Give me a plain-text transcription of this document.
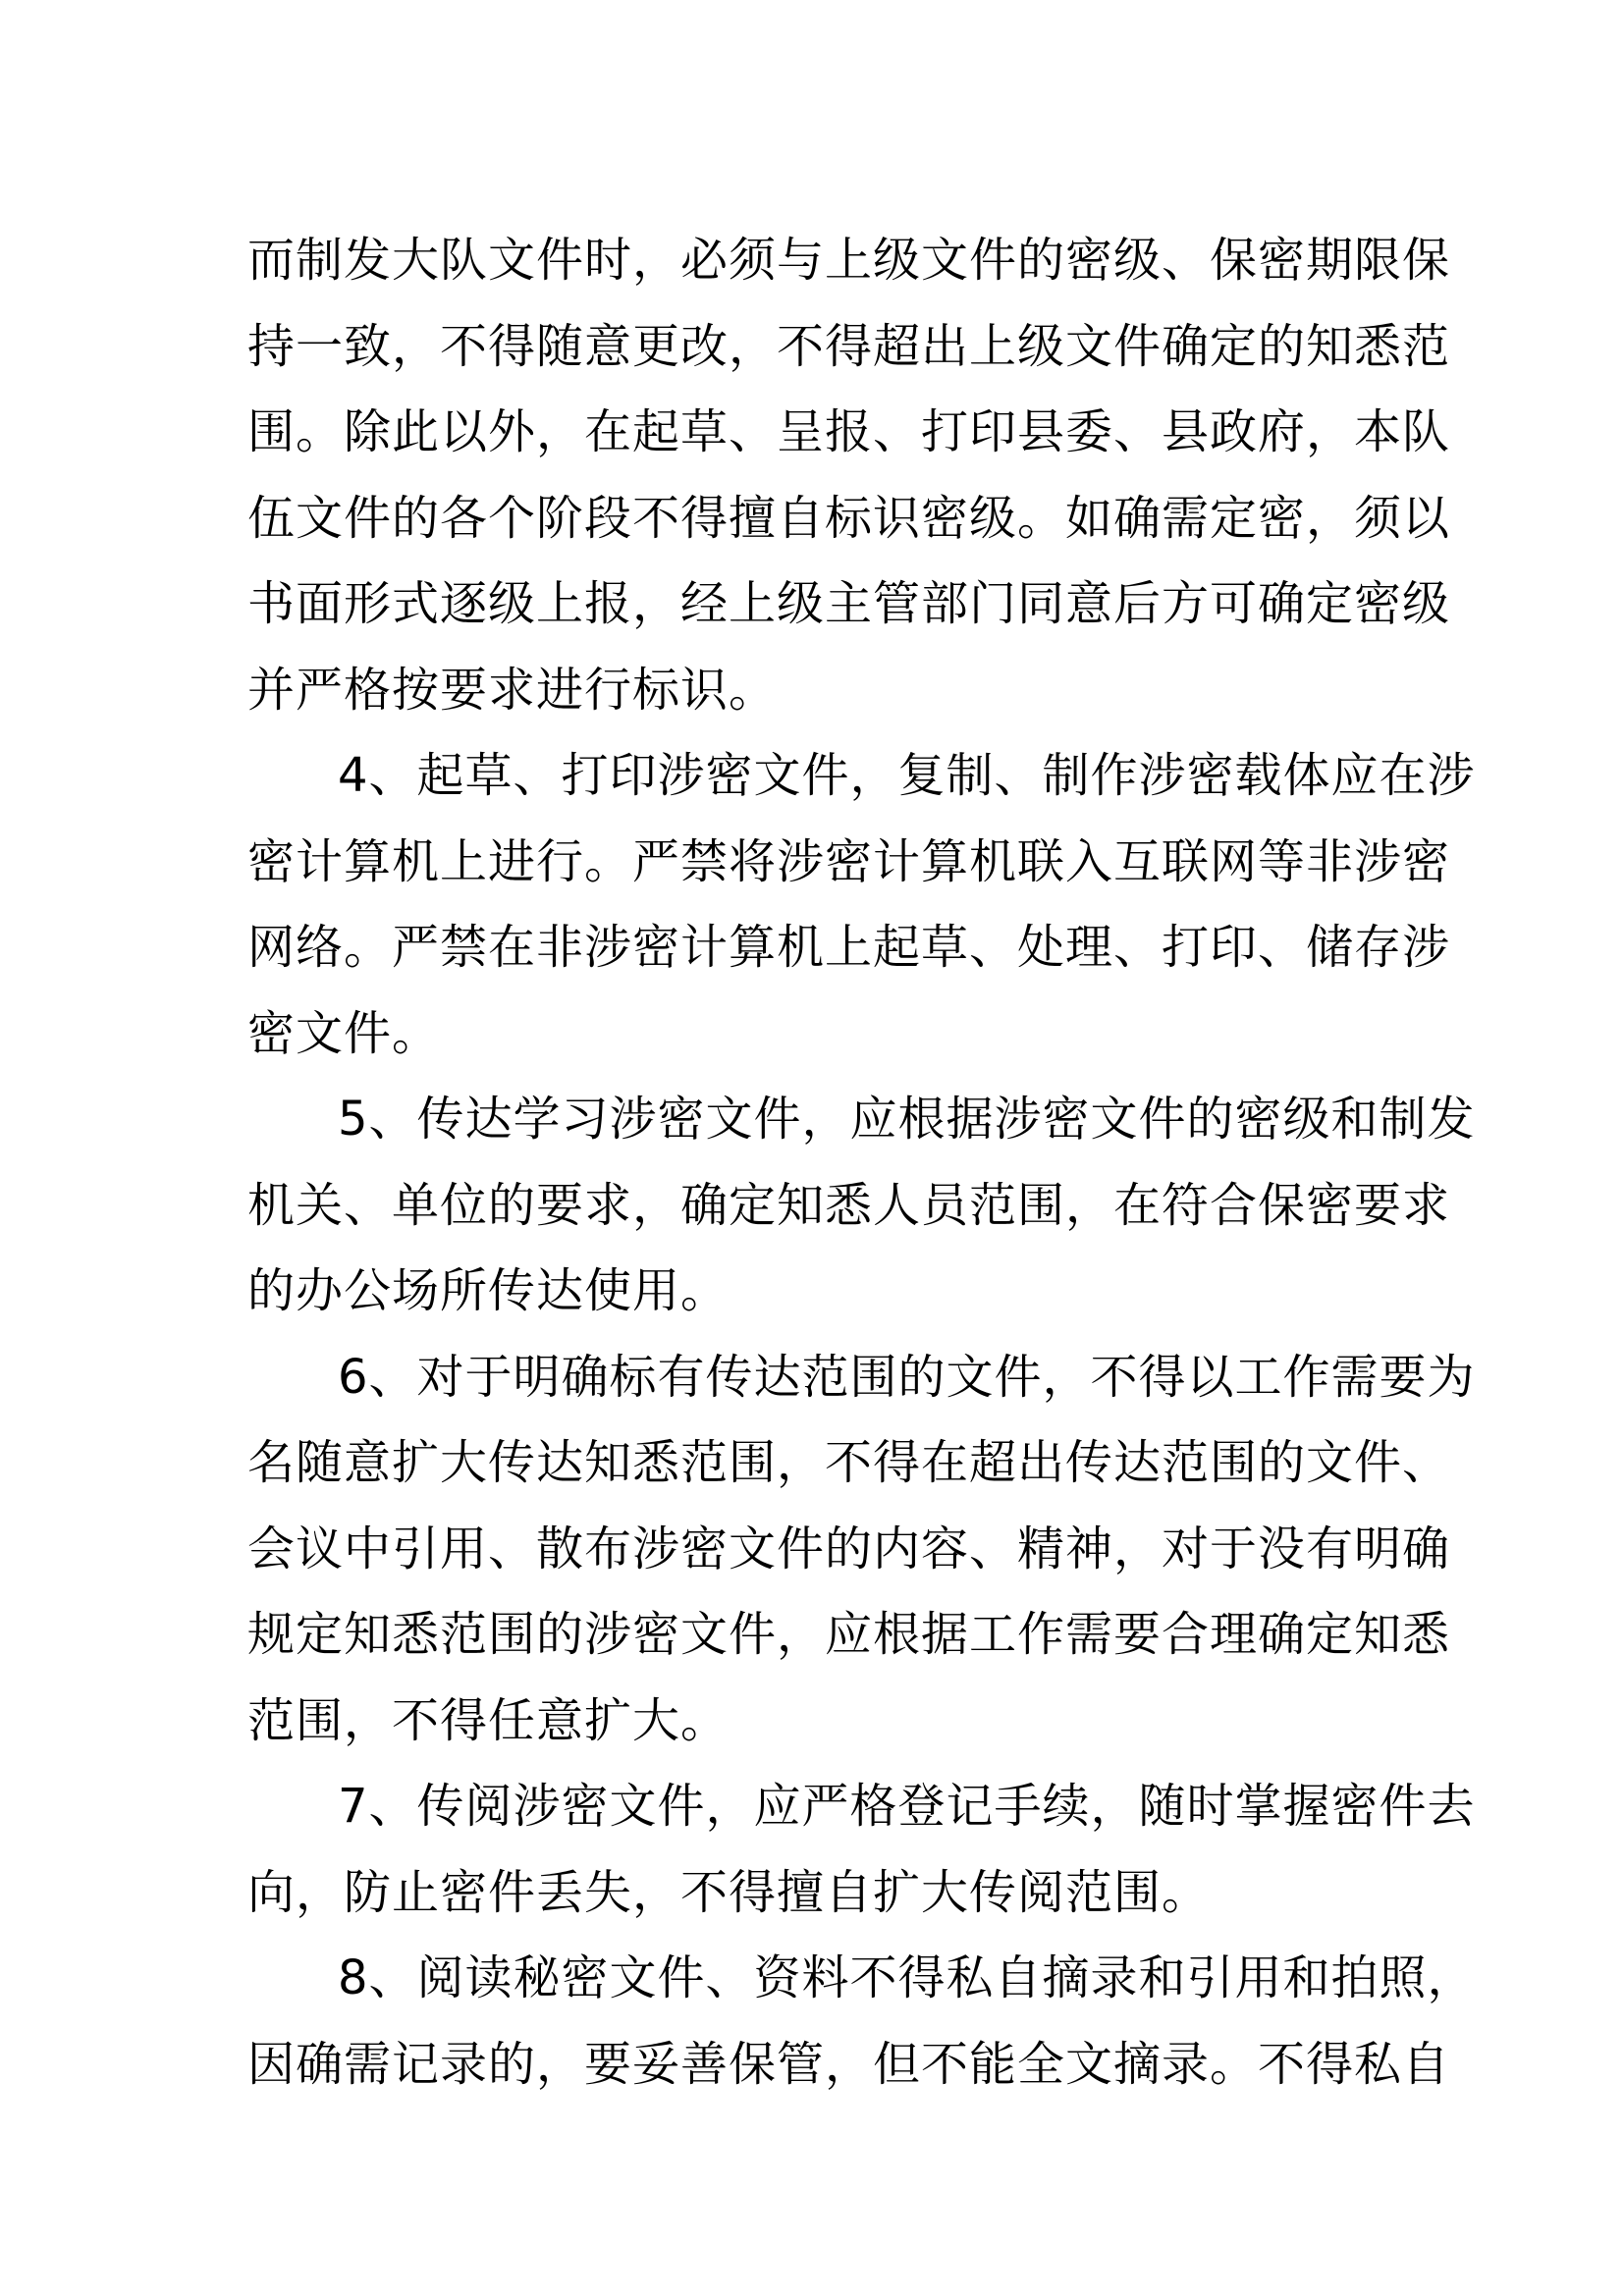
而制发大队文件时，必须与上级文件的密级、保密期限保
持一致，不得随意更改，不得超出上级文件确定的知悉范
围。除此以外，在起草、呈报、打印县委、县政府，本队
伍文件的各个阶段不得擅自标识密级。如确需定密，须以
书面形式逐级上报，经上级主管部门同意后方可确定密级
并严格按要求进行标识。
4、起草、打印涉密文件，复制、制作涉密载体应在涉
密计算机上进行。严禁将涉密计算机联入互联网等非涉密
网络。严禁在非涉密计算机上起草、处理、打印、储存涉
密文件。
5、传达学习涉密文件，应根据涉密文件的密级和制发
机关、单位的要求，确定知悉人员范围，在符合保密要求
的办公场所传达使用。
6、对于明确标有传达范围的文件，不得以工作需要为
名随意扩大传达知悉范围，不得在超出传达范围的文件、
会议中引用、散布涉密文件的内容、精神，对于没有明确
规定知悉范围的涉密文件，应根据工作需要合理确定知悉
范围，不得任意扩大。
7、传阅涉密文件，应严格登记手续，随时掌握密件去
向，防止密件丢失，不得擅自扩大传阅范围。
8、阅读秘密文件、资料不得私自摘录和引用和拍照，
因确需记录的，要妥善保管，但不能全文摘录。不得私自
